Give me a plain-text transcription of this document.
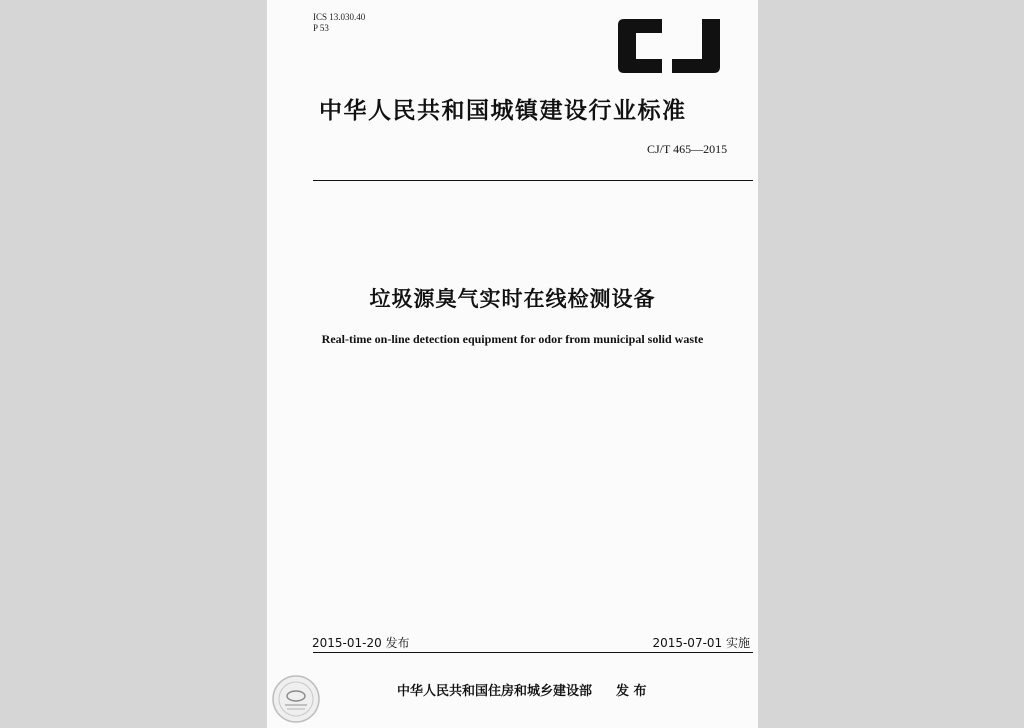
ICS 13.030.40
P 53
中华人民共和国城镇建设行业标准
CJ/T 465—2015
垃圾源臭气实时在线检测设备
Real-time on-line detection equipment for odor from municipal solid waste
2015-01-20 发布	2015-07-01 实施
中华人民共和国住房和城乡建设部 发 布
